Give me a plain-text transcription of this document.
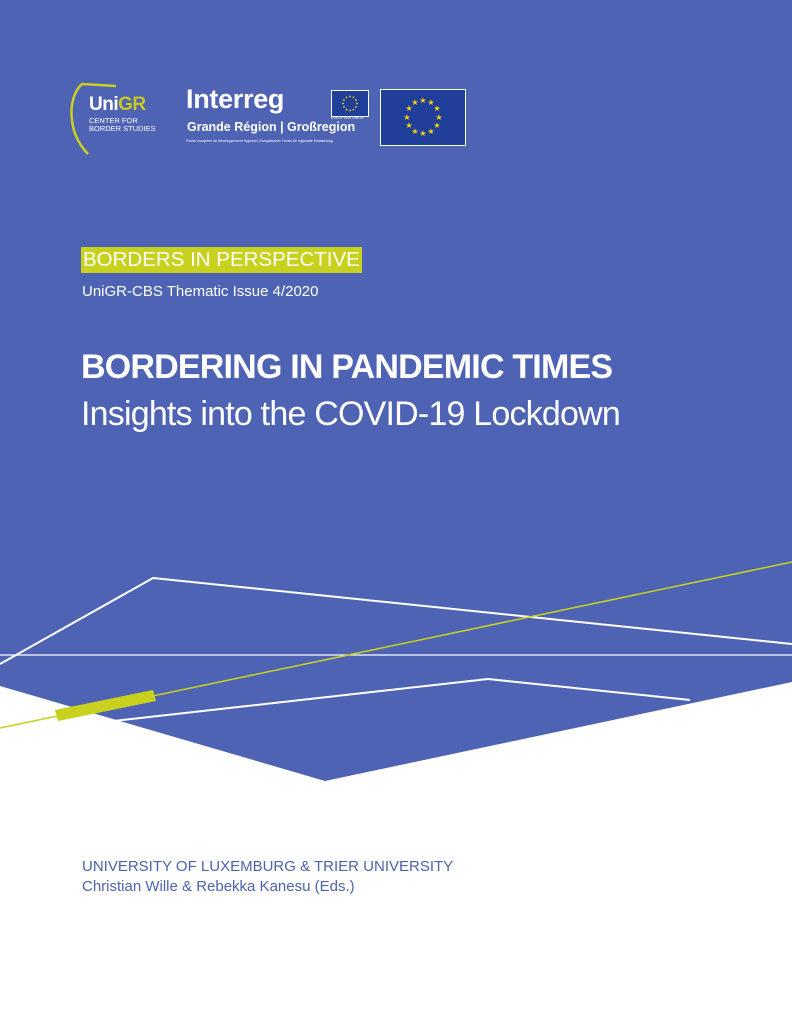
UniGR
CENTER FOR BORDER STUDIES
Interreg
Grande Région | Großregion
Fonds européen de développement régional | Europäischer Fonds für regionale Entwicklung
EUROPEAN UNION
★ ★
★
★
★
★
★
★
★
★
★
★
BORDERS IN PERSPECTIVE
UniGR-CBS Thematic Issue 4/2020
BORDERING IN PANDEMIC TIMES
Insights into the COVID-19 Lockdown
UNIVERSITY OF LUXEMBURG & TRIER UNIVERSITY
Christian Wille & Rebekka Kanesu (Eds.)
